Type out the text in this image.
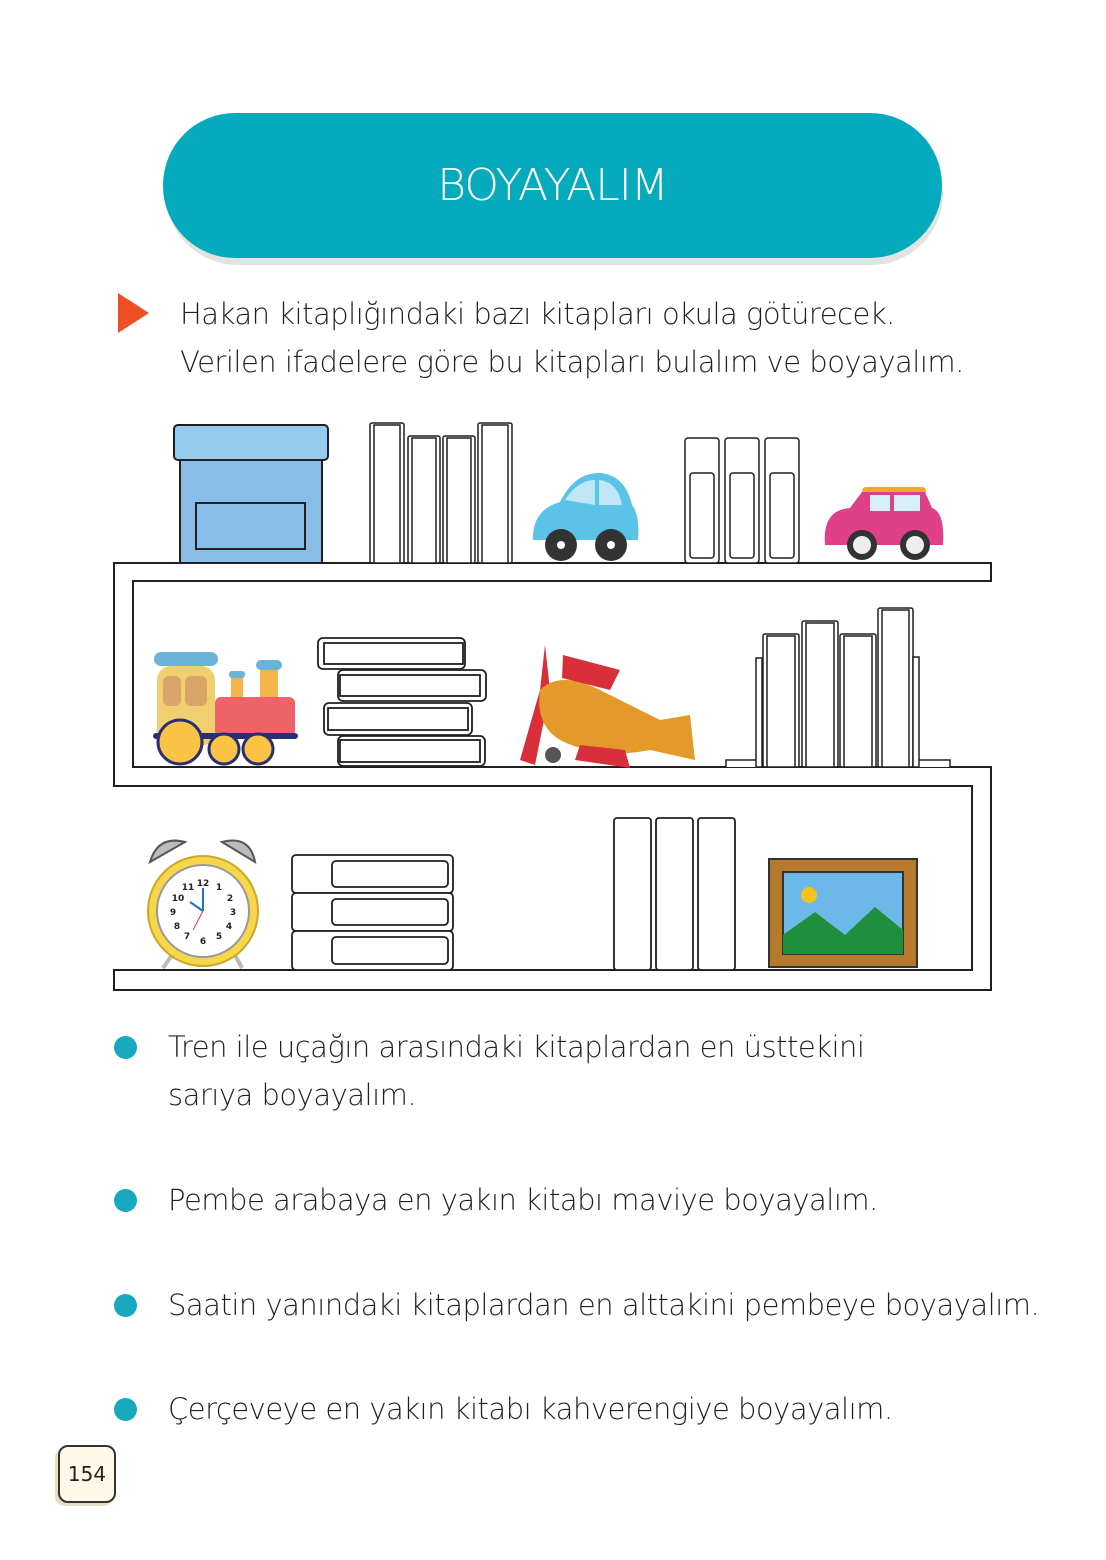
BOYAYALIM
Hakan kitaplığındaki bazı kitapları okula götürecek. Verilen ifadelere göre bu kitapları bulalım ve boyayalım.
12 1
2
3
4
5
6
7
8
9
10
11
Tren ile uçağın arasındaki kitaplardan en üsttekini sarıya boyayalım.
Pembe arabaya en yakın kitabı maviye boyayalım.
Saatin yanındaki kitaplardan en alttakini pembeye boyayalım.
Çerçeveye en yakın kitabı kahverengiye boyayalım.
154
